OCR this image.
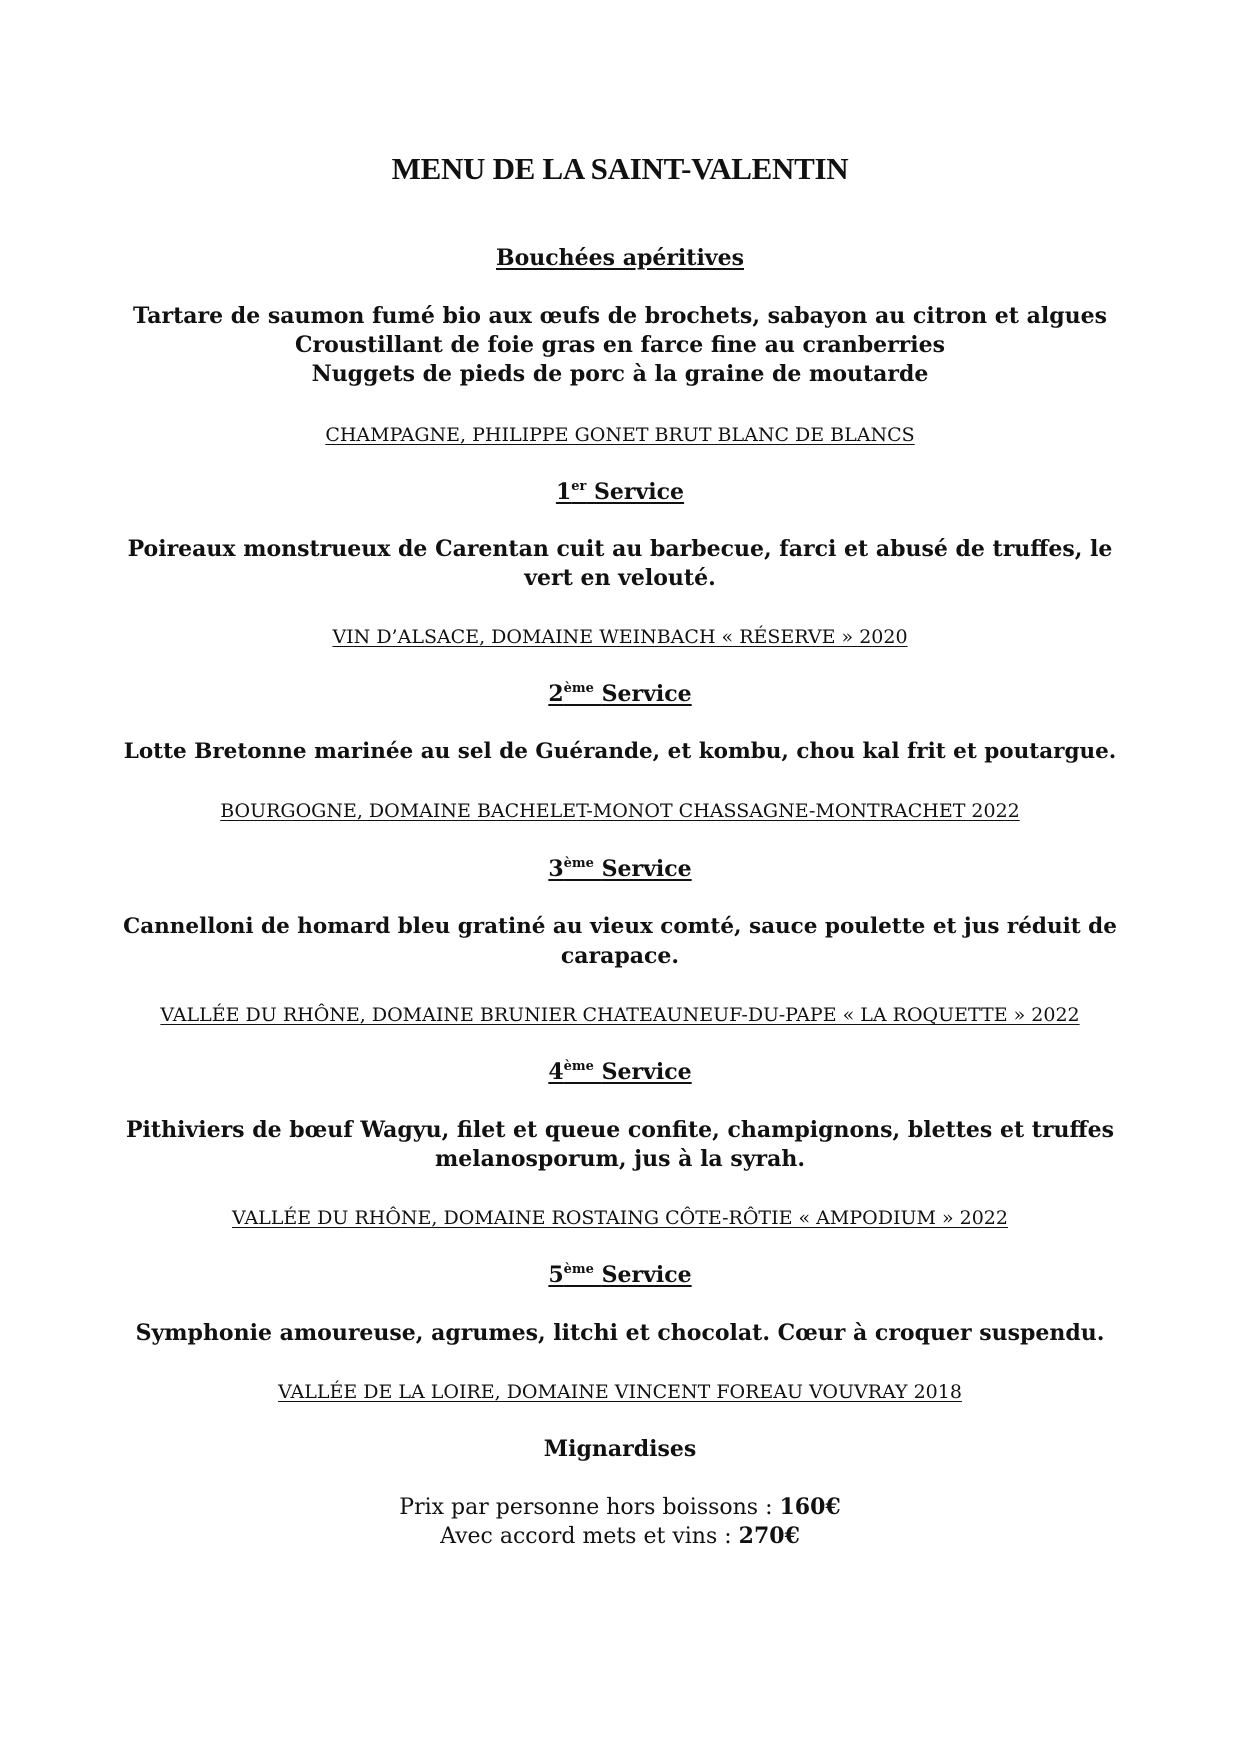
MENU DE LA SAINT-VALENTIN
Bouchées apéritives
Tartare de saumon fumé bio aux œufs de brochets, sabayon au citron et algues
Croustillant de foie gras en farce fine au cranberries
Nuggets de pieds de porc à la graine de moutarde
CHAMPAGNE, PHILIPPE GONET BRUT BLANC DE BLANCS
1er Service
Poireaux monstrueux de Carentan cuit au barbecue, farci et abusé de truffes, le
vert en velouté.
VIN D’ALSACE, DOMAINE WEINBACH « RÉSERVE » 2020
2ème Service
Lotte Bretonne marinée au sel de Guérande, et kombu, chou kal frit et poutargue.
BOURGOGNE, DOMAINE BACHELET-MONOT CHASSAGNE-MONTRACHET 2022
3ème Service
Cannelloni de homard bleu gratiné au vieux comté, sauce poulette et jus réduit de
carapace.
VALLÉE DU RHÔNE, DOMAINE BRUNIER CHATEAUNEUF-DU-PAPE « LA ROQUETTE » 2022
4ème Service
Pithiviers de bœuf Wagyu, filet et queue confite, champignons, blettes et truffes
melanosporum, jus à la syrah.
VALLÉE DU RHÔNE, DOMAINE ROSTAING CÔTE-RÔTIE « AMPODIUM » 2022
5ème Service
Symphonie amoureuse, agrumes, litchi et chocolat. Cœur à croquer suspendu.
VALLÉE DE LA LOIRE, DOMAINE VINCENT FOREAU VOUVRAY 2018
Mignardises
Prix par personne hors boissons : 160€
Avec accord mets et vins : 270€
